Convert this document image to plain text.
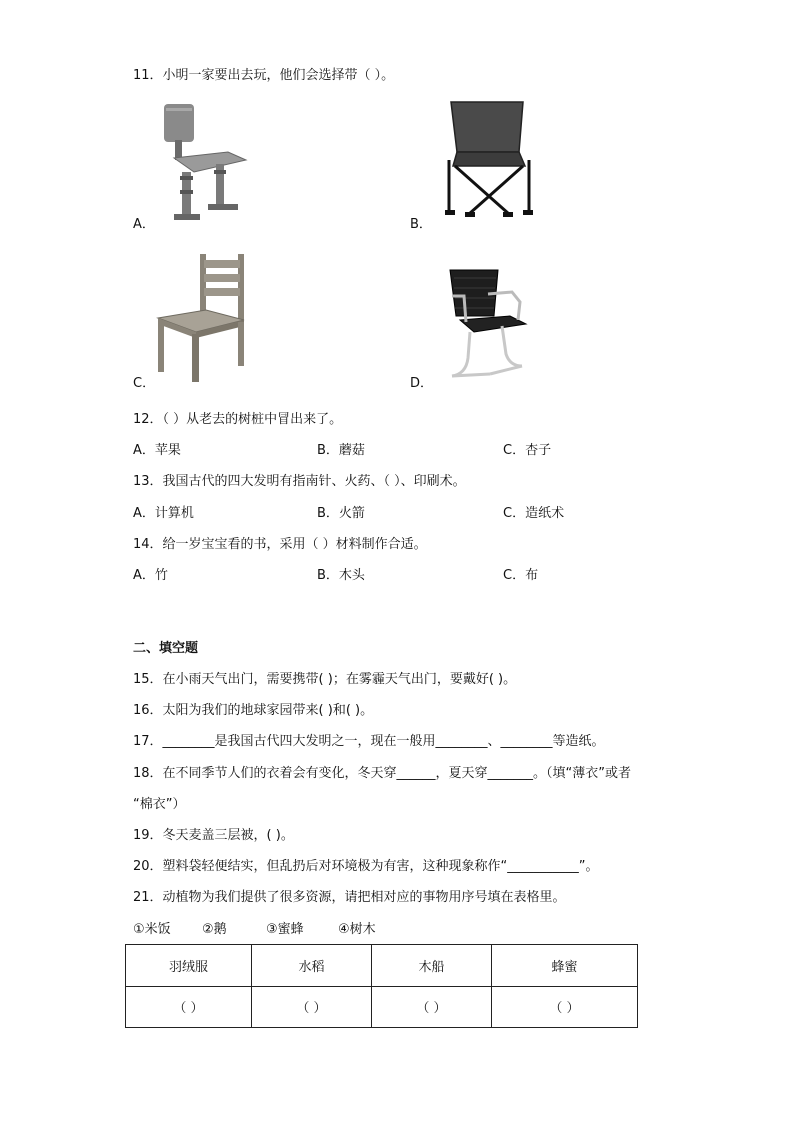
11．小明一家要出去玩，他们会选择带（ ）。
A．	B．
C．	D．
12．（ ）从老去的树桩中冒出来了。
A．苹果	B．蘑菇	C．杏子
13．我国古代的四大发明有指南针、火药、（ ）、印刷术。
A．计算机	B．火箭	C．造纸术
14．给一岁宝宝看的书，采用（ ）材料制作合适。
A．竹	B．木头	C．布
二、填空题
15．在小雨天气出门，需要携带( )；在雾霾天气出门，要戴好( )。
16．太阳为我们的地球家园带来( )和( )。
17．________是我国古代四大发明之一，现在一般用________、________等造纸。
18．在不同季节人们的衣着会有变化，冬天穿______，夏天穿_______。（填“薄衣”或者
“棉衣”）
19．冬天麦盖三层被，( )。
20．塑料袋轻便结实，但乱扔后对环境极为有害，这种现象称作“___________”。
21．动植物为我们提供了很多资源，请把相对应的事物用序号填在表格里。
①米饭 ②鹅	③蜜蜂	④树木
羽绒服	水稻	木船	蜂蜜
（ ）	（ ）	（ ）	（ ）
